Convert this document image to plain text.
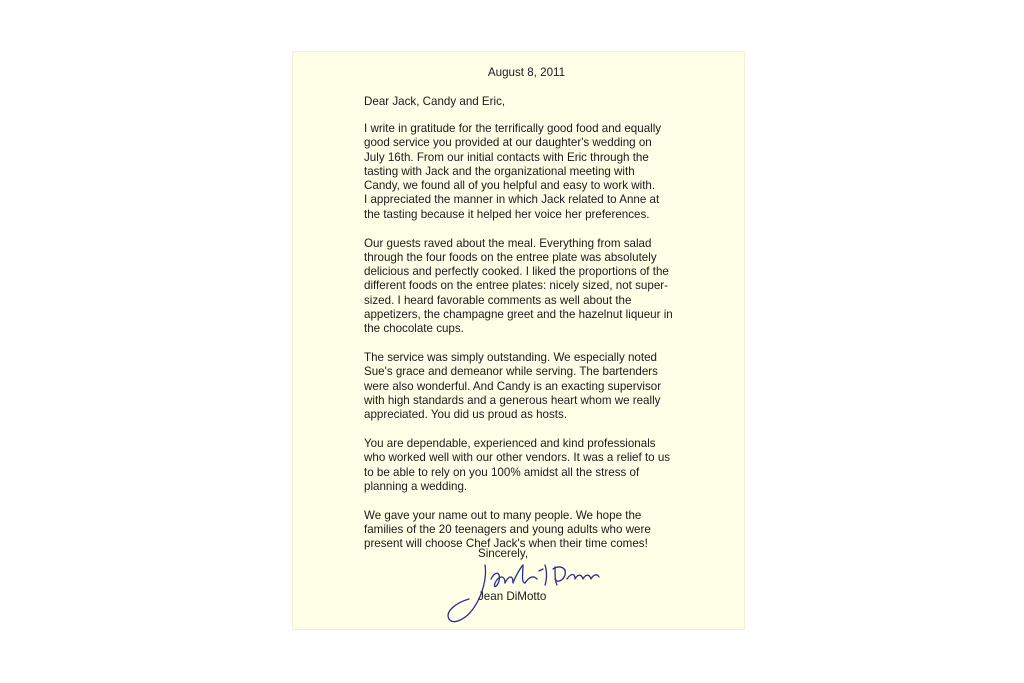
August 8, 2011
Dear Jack, Candy and Eric,

I write in gratitude for the terrifically good food and equally
good service you provided at our daughter's wedding on
July 16th. From our initial contacts with Eric through the
tasting with Jack and the organizational meeting with
Candy, we found all of you helpful and easy to work with.
I appreciated the manner in which Jack related to Anne at
the tasting because it helped her voice her preferences.

Our guests raved about the meal. Everything from salad
through the four foods on the entree plate was absolutely
delicious and perfectly cooked. I liked the proportions of the
different foods on the entree plates: nicely sized, not super-
sized. I heard favorable comments as well about the
appetizers, the champagne greet and the hazelnut liqueur in
the chocolate cups.

The service was simply outstanding. We especially noted
Sue's grace and demeanor while serving. The bartenders
were also wonderful. And Candy is an exacting supervisor
with high standards and a generous heart whom we really
appreciated. You did us proud as hosts.

You are dependable, experienced and kind professionals
who worked well with our other vendors. It was a relief to us
to be able to rely on you 100% amidst all the stress of
planning a wedding.

We gave your name out to many people. We hope the
families of the 20 teenagers and young adults who were
present will choose Chef Jack's when their time comes!

Sincerely,
Jean DiMotto
